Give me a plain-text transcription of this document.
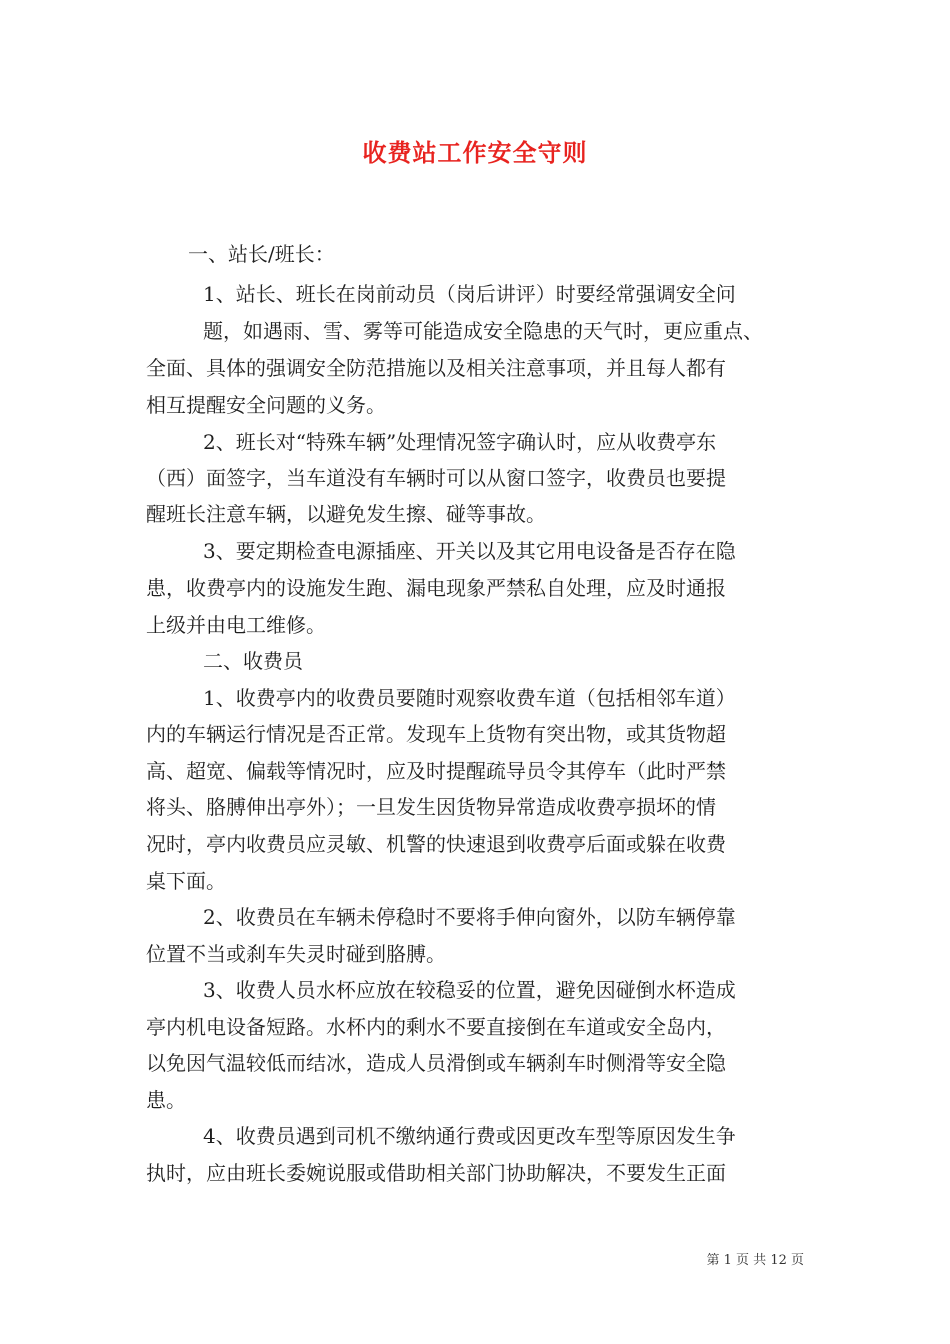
收费站工作安全守则
一、站长/班长：
1、站长、班长在岗前动员（岗后讲评）时要经常强调安全问
题，如遇雨、雪、雾等可能造成安全隐患的天气时，更应重点、
全面、具体的强调安全防范措施以及相关注意事项，并且每人都有
相互提醒安全问题的义务。
2、班长对“特殊车辆”处理情况签字确认时，应从收费亭东
（西）面签字，当车道没有车辆时可以从窗口签字，收费员也要提
醒班长注意车辆，以避免发生擦、碰等事故。
3、要定期检查电源插座、开关以及其它用电设备是否存在隐
患，收费亭内的设施发生跑、漏电现象严禁私自处理，应及时通报
上级并由电工维修。
二、收费员
1、收费亭内的收费员要随时观察收费车道（包括相邻车道）
内的车辆运行情况是否正常。发现车上货物有突出物，或其货物超
高、超宽、偏载等情况时，应及时提醒疏导员令其停车（此时严禁
将头、胳膊伸出亭外）；一旦发生因货物异常造成收费亭损坏的情
况时，亭内收费员应灵敏、机警的快速退到收费亭后面或躲在收费
桌下面。
2、收费员在车辆未停稳时不要将手伸向窗外，以防车辆停靠
位置不当或刹车失灵时碰到胳膊。
3、收费人员水杯应放在较稳妥的位置，避免因碰倒水杯造成
亭内机电设备短路。水杯内的剩水不要直接倒在车道或安全岛内，
以免因气温较低而结冰，造成人员滑倒或车辆刹车时侧滑等安全隐
患。
4、收费员遇到司机不缴纳通行费或因更改车型等原因发生争
执时，应由班长委婉说服或借助相关部门协助解决，不要发生正面
第 1 页 共 12 页
